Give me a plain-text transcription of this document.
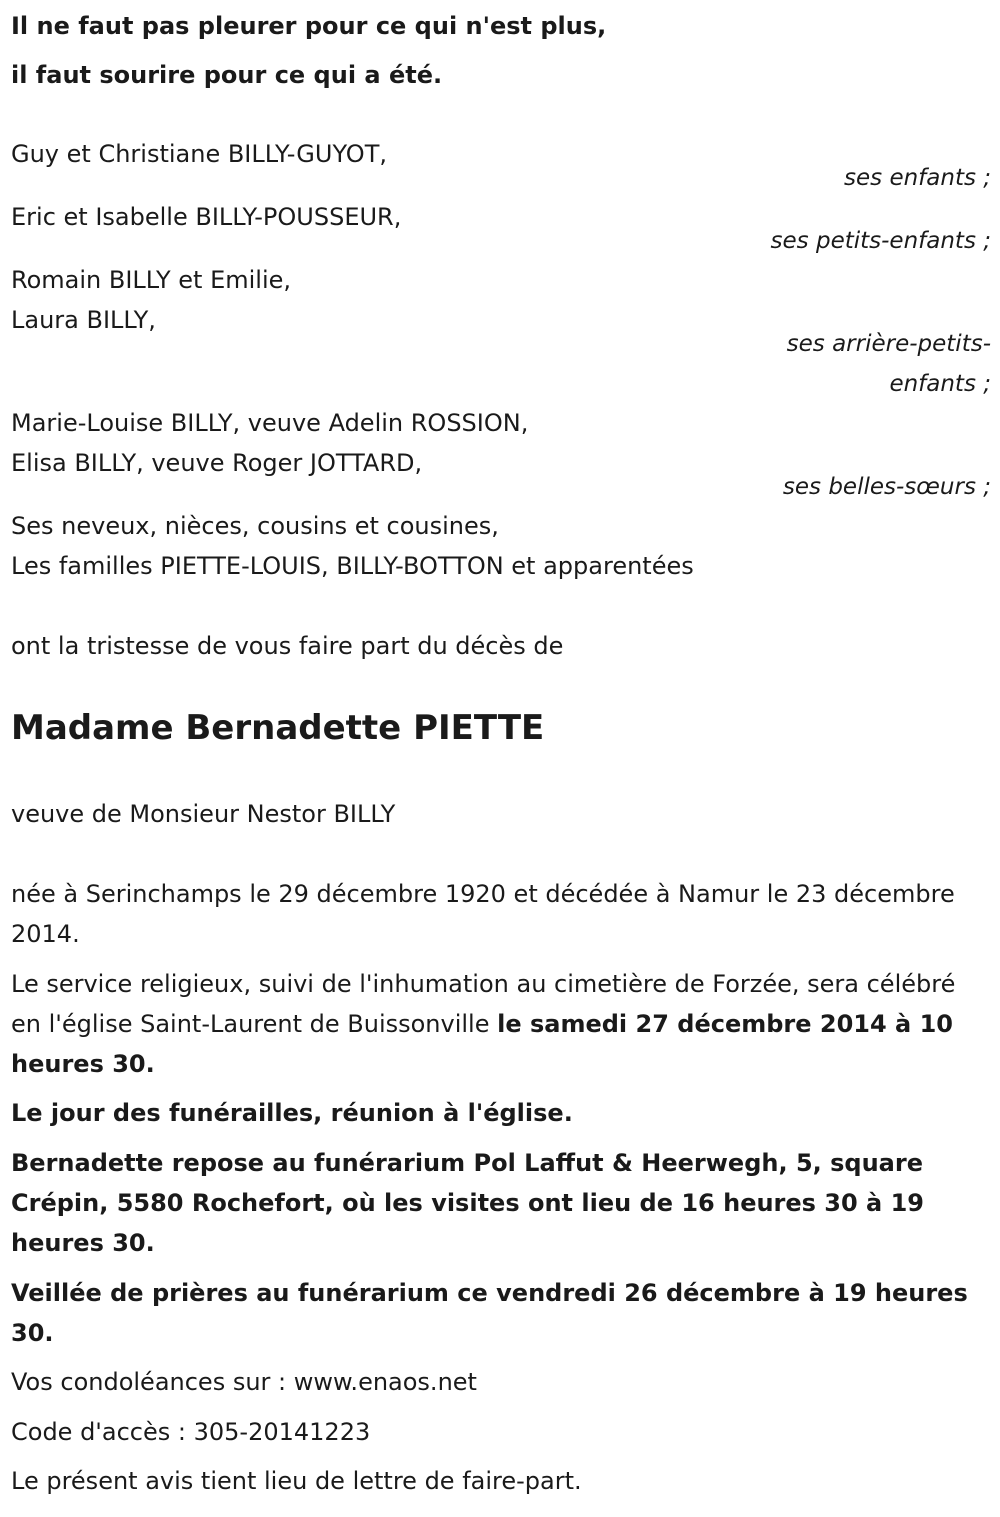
Il ne faut pas pleurer pour ce qui n'est plus,

il faut sourire pour ce qui a été.

Guy et Christiane BILLY-GUYOT,

ses enfants ;

Eric et Isabelle BILLY-POUSSEUR,

ses petits-enfants ;

Romain BILLY et Emilie,

Laura BILLY,

ses arrière-petits-

enfants ;

Marie-Louise BILLY, veuve Adelin ROSSION,

Elisa BILLY, veuve Roger JOTTARD,

ses belles-sœurs ;

Ses neveux, nièces, cousins et cousines,

Les familles PIETTE-LOUIS, BILLY-BOTTON et apparentées

ont la tristesse de vous faire part du décès de

Madame Bernadette PIETTE

veuve de Monsieur Nestor BILLY

née à Serinchamps le 29 décembre 1920 et décédée à Namur le 23 décembre 2014.

Le service religieux, suivi de l'inhumation au cimetière de Forzée, sera célébré en l'église Saint-Laurent de Buissonville le samedi 27 décembre 2014 à 10 heures 30.

Le jour des funérailles, réunion à l'église.

Bernadette repose au funérarium Pol Laffut & Heerwegh, 5, square Crépin, 5580 Rochefort, où les visites ont lieu de 16 heures 30 à 19 heures 30.

Veillée de prières au funérarium ce vendredi 26 décembre à 19 heures 30.

Vos condoléances sur : www.enaos.net

Code d'accès : 305-20141223

Le présent avis tient lieu de lettre de faire-part.
